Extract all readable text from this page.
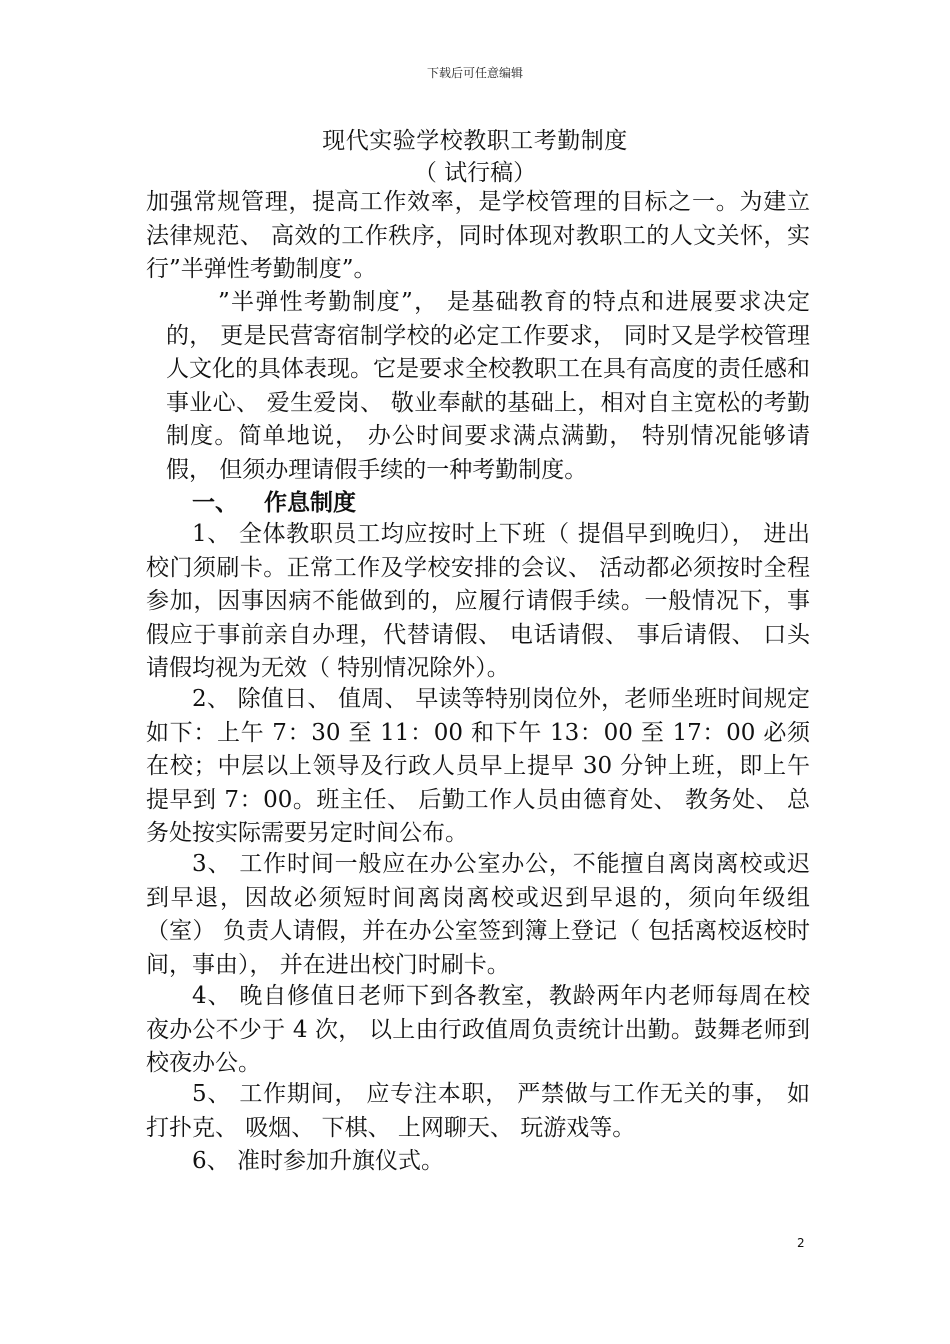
下载后可任意编辑
现代实验学校教职工考勤制度
（ 试行稿）
加强常规管理，提高工作效率，是学校管理的目标之一。为建立法律规范、 高效的工作秩序，同时体现对教职工的人文关怀，实行”半弹性考勤制度”。
”半弹性考勤制度”， 是基础教育的特点和进展要求决定的， 更是民营寄宿制学校的必定工作要求， 同时又是学校管理人文化的具体表现。它是要求全校教职工在具有高度的责任感和事业心、 爱生爱岗、 敬业奉献的基础上，相对自主宽松的考勤制度。简单地说， 办公时间要求满点满勤， 特别情况能够请假， 但须办理请假手续的一种考勤制度。
一、 作息制度
1、 全体教职员工均应按时上下班（ 提倡早到晚归）， 进出校门须刷卡。正常工作及学校安排的会议、 活动都必须按时全程参加，因事因病不能做到的，应履行请假手续。一般情况下，事假应于事前亲自办理，代替请假、 电话请假、 事后请假、 口头请假均视为无效（ 特别情况除外）。
2、 除值日、 值周、 早读等特别岗位外，老师坐班时间规定如下：上午 7：30 至 11：00 和下午 13：00 至 17：00 必须在校；中层以上领导及行政人员早上提早 30 分钟上班，即上午提早到 7：00。班主任、 后勤工作人员由德育处、 教务处、 总务处按实际需要另定时间公布。
3、 工作时间一般应在办公室办公，不能擅自离岗离校或迟到早退，因故必须短时间离岗离校或迟到早退的，须向年级组（室） 负责人请假，并在办公室签到簿上登记（ 包括离校返校时间，事由）， 并在进出校门时刷卡。
4、 晚自修值日老师下到各教室，教龄两年内老师每周在校夜办公不少于 4 次， 以上由行政值周负责统计出勤。鼓舞老师到校夜办公。
5、 工作期间， 应专注本职， 严禁做与工作无关的事， 如打扑克、 吸烟、 下棋、 上网聊天、 玩游戏等。
6、 准时参加升旗仪式。
2
